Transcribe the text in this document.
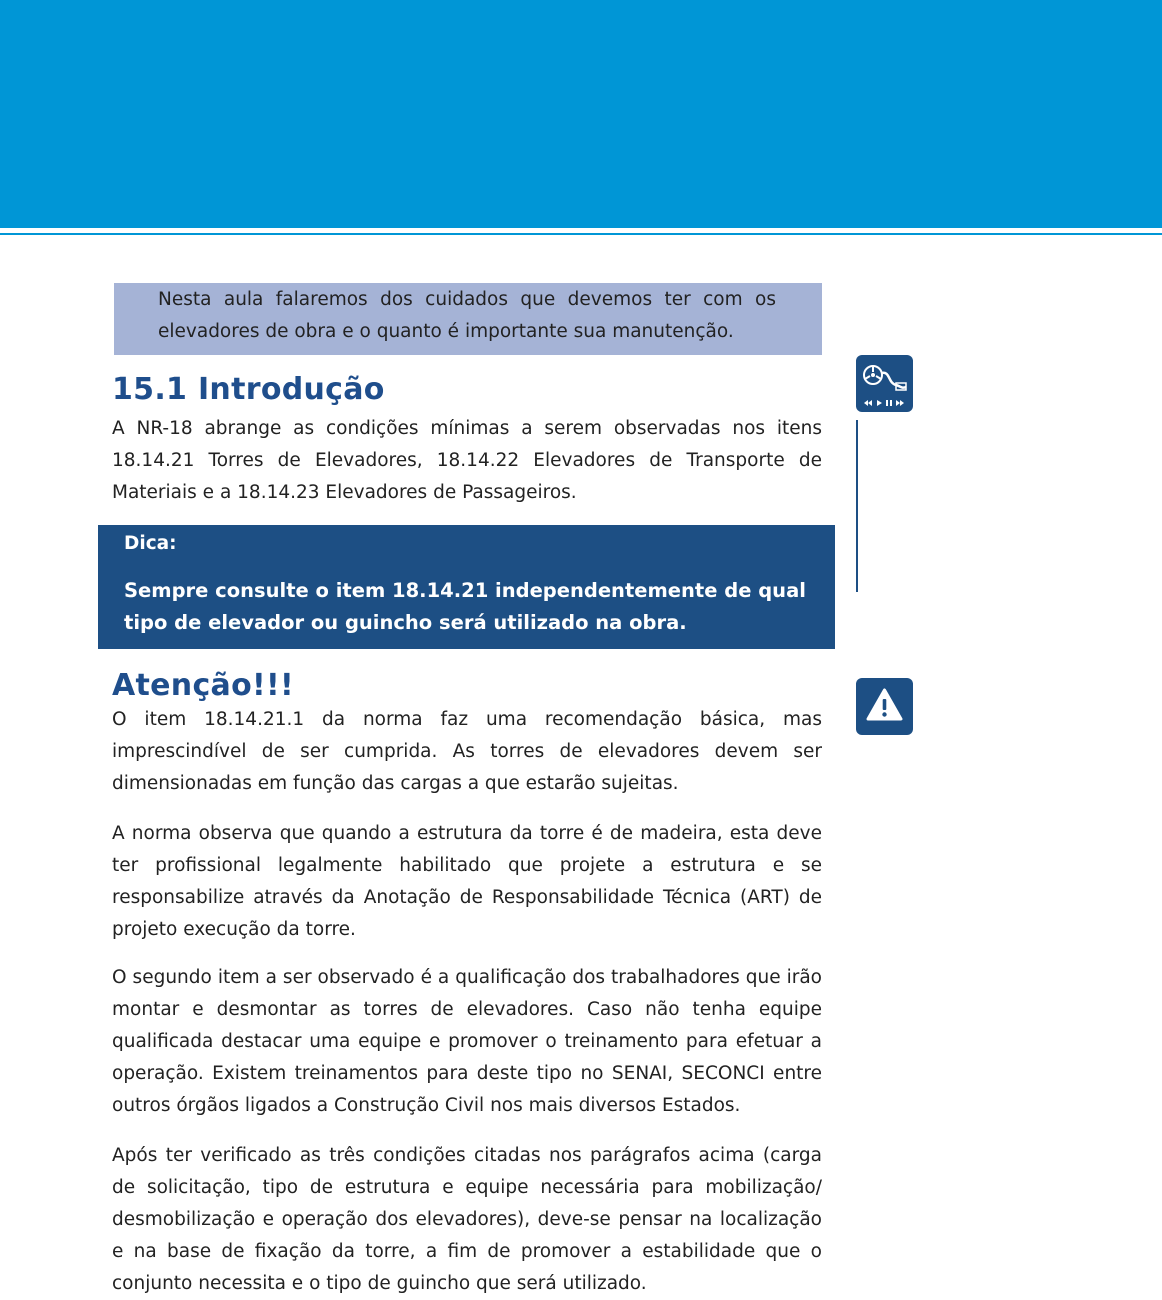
Nesta aula falaremos dos cuidados que devemos ter com os elevadores de obra e o quanto é importante sua manutenção.
15.1 Introdução

A NR-18 abrange as condições mínimas a serem observadas nos itens 18.14.21 Torres de Elevadores, 18.14.22 Elevadores de Transporte de Materiais e a 18.14.23 Elevadores de Passageiros.

Dica:
Sempre consulte o item 18.14.21 independentemente de qual tipo de elevador ou guincho será utilizado na obra.
Atenção!!!

O item 18.14.21.1 da norma faz uma recomendação básica, mas imprescindível de ser cumprida. As torres de elevadores devem ser dimensionadas em função das cargas a que estarão sujeitas.

A norma observa que quando a estrutura da torre é de madeira, esta deve ter profissional legalmente habilitado que projete a estrutura e se responsabilize através da Anotação de Responsabilidade Técnica (ART) de projeto execução da torre.

O segundo item a ser observado é a qualificação dos trabalhadores que irão montar e desmontar as torres de elevadores. Caso não tenha equipe qualificada destacar uma equipe e promover o treinamento para efetuar a operação. Existem treinamentos para deste tipo no SENAI, SECONCI entre outros órgãos ligados a Construção Civil nos mais diversos Estados.

Após ter verificado as três condições citadas nos parágrafos acima (carga de solicitação, tipo de estrutura e equipe necessária para mobilização/ desmobilização e operação dos elevadores), deve-se pensar na localização e na base de fixação da torre, a fim de promover a estabilidade que o conjunto necessita e o tipo de guincho que será utilizado.
